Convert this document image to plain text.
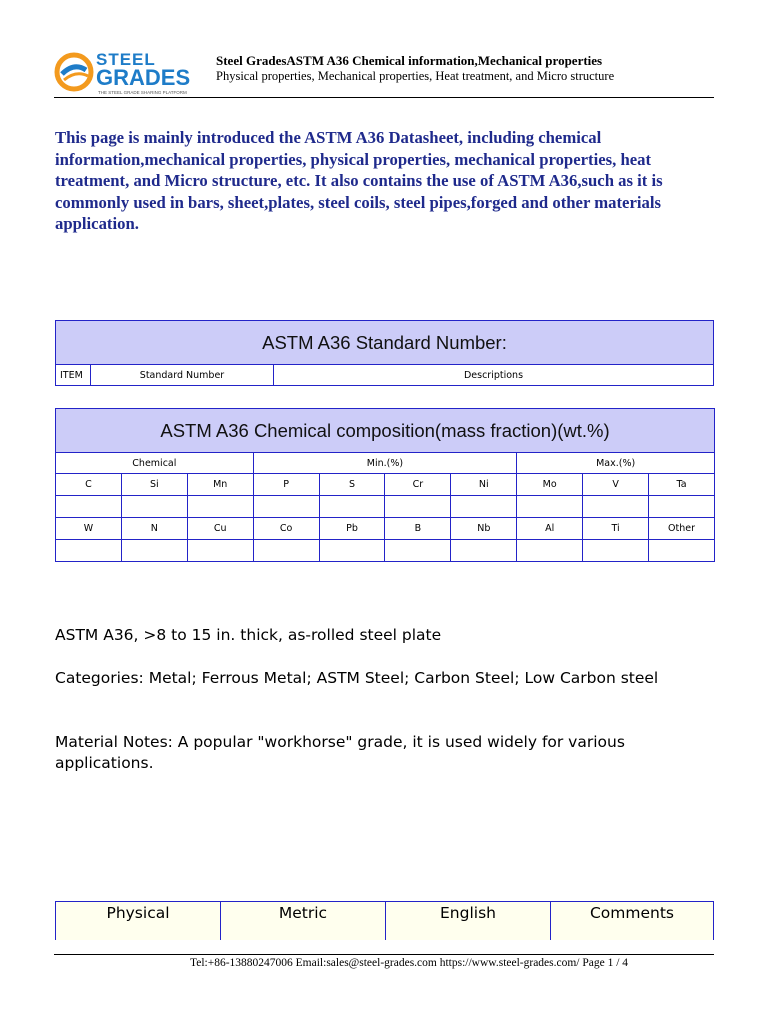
STEEL
GRADES
THE STEEL GRADE SHARING PLATFORM
Steel GradesASTM A36 Chemical information,Mechanical properties
Physical properties, Mechanical properties, Heat treatment, and Micro structure
This page is mainly introduced the ASTM A36 Datasheet, including chemical information,mechanical properties, physical properties, mechanical properties, heat treatment, and Micro structure, etc. It also contains the use of ASTM A36,such as it is commonly used in bars, sheet,plates, steel coils, steel pipes,forged and other materials application.
ASTM A36 Standard Number:
ITEM	Standard Number	Descriptions
ASTM A36 Chemical composition(mass fraction)(wt.%)									
Chemical			Min.(%)				Max.(%)		
C	Si	Mn	P	S	Cr	Ni	Mo	V	Ta

W	N	Cu	Co	Pb	B	Nb	Al	Ti	Other

ASTM A36, >8 to 15 in. thick, as-rolled steel plate
Categories: Metal; Ferrous Metal; ASTM Steel; Carbon Steel; Low Carbon steel
Material Notes: A popular "workhorse" grade, it is used widely for various applications.
Physical	Metric	English	Comments
Tel:+86-13880247006 Email:sales@steel-grades.com https://www.steel-grades.com/ Page 1 / 4
